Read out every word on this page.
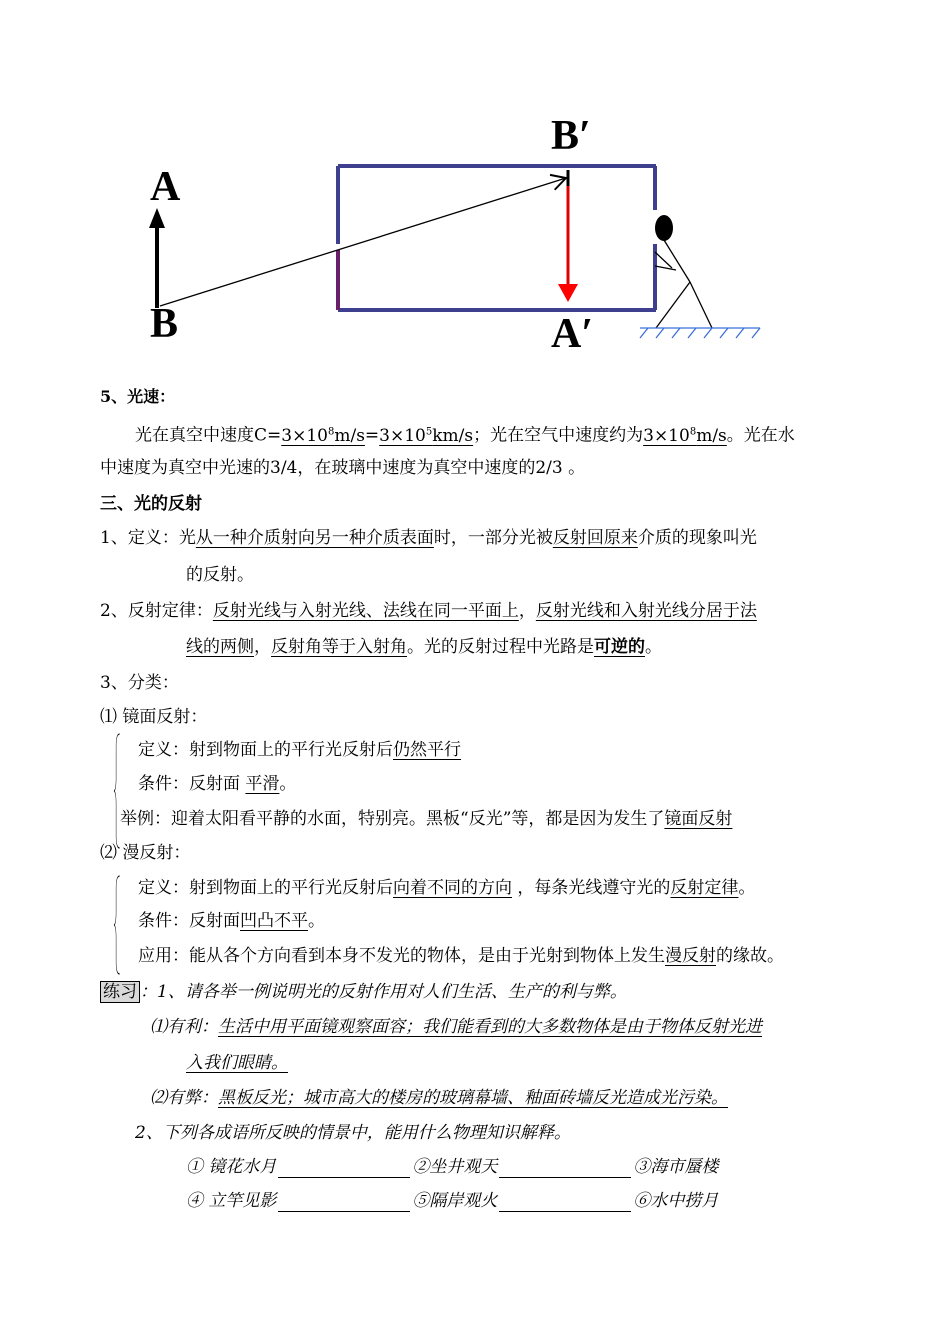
A
B
B′
A′
5、光速：
光在真空中速度$C=3\times 10^8m/s=3\times 10^5km/s$；光在空气中速度约为$3\times 10^8m/s$。光在水
中速度为真空中光速的3/4，在玻璃中速度为真空中速度的2/3 。
三、光的反射
1、定义：光从一种介质射向另一种介质表面时，一部分光被反射回原来介质的现象叫光
的反射。
2、反射定律：反射光线与入射光线、法线在同一平面上，反射光线和入射光线分居于法
线的两侧，反射角等于入射角。光的反射过程中光路是可逆的。
3、分类：
⑴ 镜面反射：
定义：射到物面上的平行光反射后仍然平行
条件：反射面 平滑。
举例：迎着太阳看平静的水面，特别亮。黑板“反光”等，都是因为发生了镜面反射
⑵ 漫反射：
定义：射到物面上的平行光反射后向着不同的方向 ，每条光线遵守光的反射定律。
条件：反射面凹凸不平。
应用：能从各个方向看到本身不发光的物体，是由于光射到物体上发生漫反射的缘故。
练习 ：1、请各举一例说明光的反射作用对人们生活、生产的利与弊。
⑴有利：生活中用平面镜观察面容；我们能看到的大多数物体是由于物体反射光进
入我们眼睛。
⑵有弊：黑板反光；城市高大的楼房的玻璃幕墙、釉面砖墙反光造成光污染。
2、下列各成语所反映的情景中，能用什么物理知识解释。
① 镜花水月	②坐井观天	③海市蜃楼
④ 立竿见影	⑤隔岸观火	⑥水中捞月
